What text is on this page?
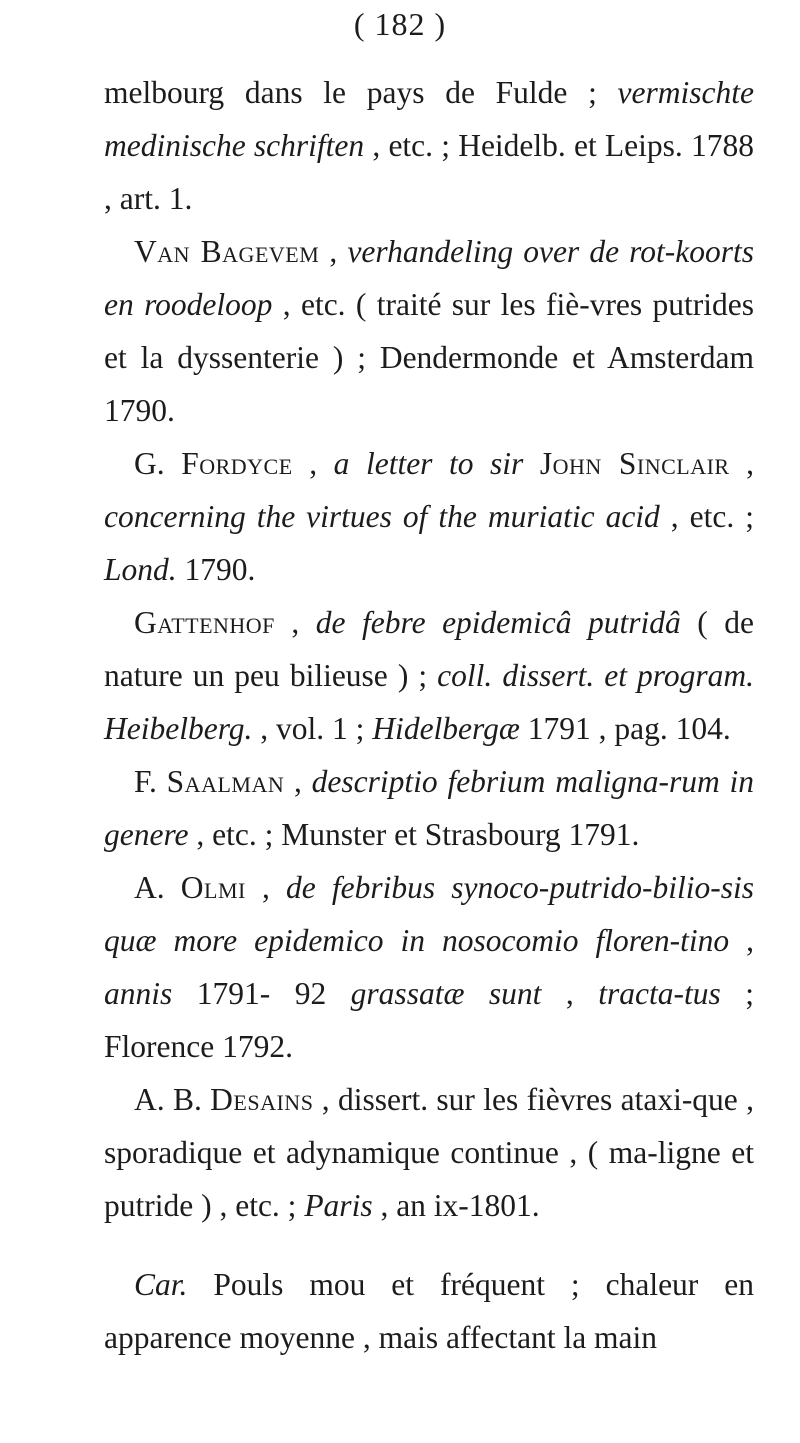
( 182 )

melbourg dans le pays de Fulde ; vermischte medinische schriften , etc. ; Heidelb. et Leips. 1788 , art. 1.

Van Bagevem , verhandeling over de rot-koorts en roodeloop , etc. ( traité sur les fiè-vres putrides et la dyssenterie ) ; Dendermonde et Amsterdam 1790.

G. Fordyce , a letter to sir John Sinclair , concerning the virtues of the muriatic acid , etc. ; Lond. 1790.

Gattenhof , de febre epidemicâ putridâ ( de nature un peu bilieuse ) ; coll. dissert. et program. Heibelberg. , vol. 1 ; Hidelbergæ 1791 , pag. 104.

F. Saalman , descriptio febrium maligna-rum in genere , etc. ; Munster et Strasbourg 1791.

A. Olmi , de febribus synoco-putrido-bilio-sis quæ more epidemico in nosocomio floren-tino , annis 1791- 92 grassatæ sunt , tracta-tus ; Florence 1792.

A. B. Desains , dissert. sur les fièvres ataxi-que , sporadique et adynamique continue , ( ma-ligne et putride ) , etc. ; Paris , an ix-1801.

Car. Pouls mou et fréquent ; chaleur en apparence moyenne , mais affectant la main
